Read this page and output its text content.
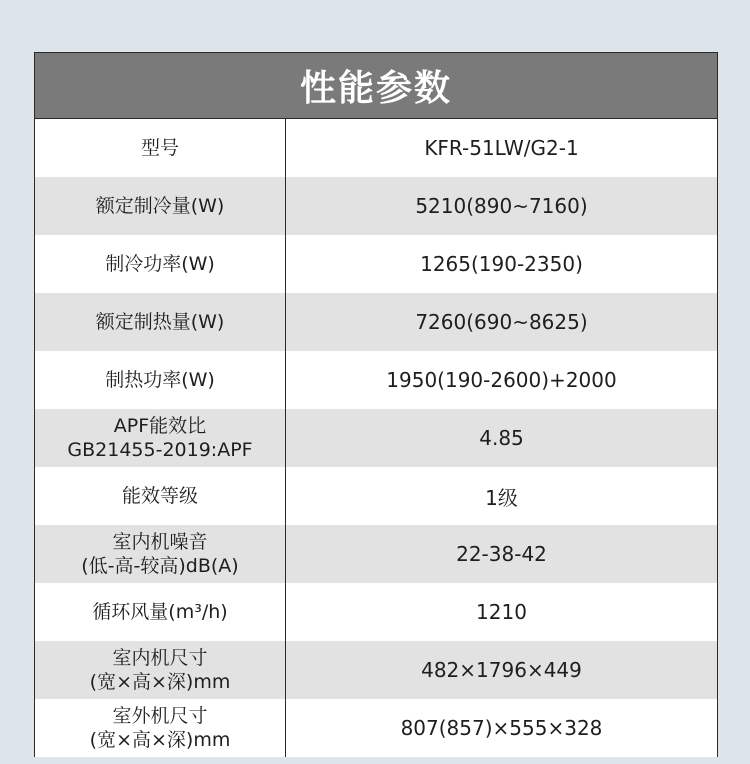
性能参数
型号	KFR-51LW/G2-1
额定制冷量(W)	5210(890~7160)
制冷功率(W)	1265(190-2350)
额定制热量(W)	7260(690~8625)
制热功率(W)	1950(190-2600)+2000
APF能效比
GB21455-2019:APF	4.85
能效等级	1级
室内机噪音
(低-高-较高)dB(A)	22-38-42
循环风量(m³/h)	1210
室内机尺寸
(宽×高×深)mm	482×1796×449
室外机尺寸
(宽×高×深)mm	807(857)×555×328
